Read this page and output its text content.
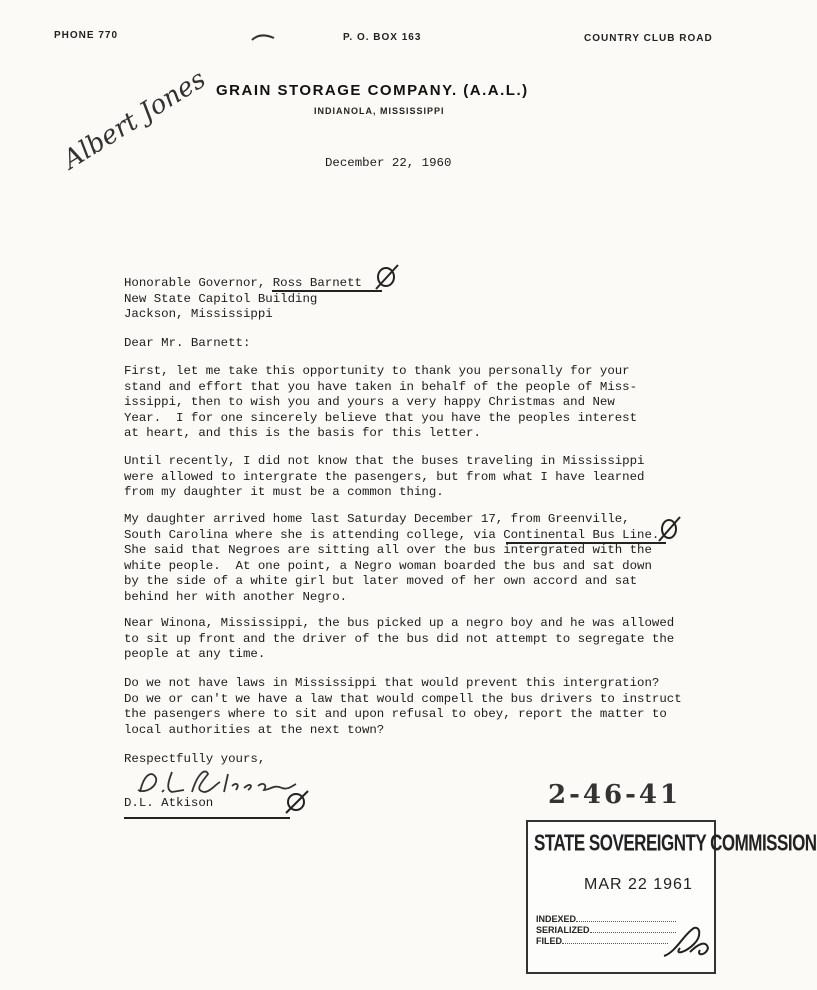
PHONE 770	P. O. BOX 163	COUNTRY CLUB ROAD
GRAIN STORAGE COMPANY. (A.A.L.)
INDIANOLA, MISSISSIPPI
Albert Jones	December 22, 1960
Honorable Governor, Ross Barnett
New State Capitol Building
Jackson, Mississippi
Dear Mr. Barnett:
First, let me take this opportunity to thank you personally for your
stand and effort that you have taken in behalf of the people of Miss-
issippi, then to wish you and yours a very happy Christmas and New
Year.  I for one sincerely believe that you have the peoples interest
at heart, and this is the basis for this letter.
Until recently, I did not know that the buses traveling in Mississippi
were allowed to intergrate the pasengers, but from what I have learned
from my daughter it must be a common thing.
My daughter arrived home last Saturday December 17, from Greenville,
South Carolina where she is attending college, via Continental Bus Line.
She said that Negroes are sitting all over the bus intergrated with the
white people.  At one point, a Negro woman boarded the bus and sat down
by the side of a white girl but later moved of her own accord and sat
behind her with another Negro.
Near Winona, Mississippi, the bus picked up a negro boy and he was allowed
to sit up front and the driver of the bus did not attempt to segregate the
people at any time.
Do we not have laws in Mississippi that would prevent this intergration?
Do we or can't we have a law that would compell the bus drivers to instruct
the pasengers where to sit and upon refusal to obey, report the matter to
local authorities at the next town?
Respectfully yours,
D.L. Atkison	2-46-41
STATE SOVEREIGNTY COMMISSION
MAR 22 1961
INDEXED
SERIALIZED
FILED
